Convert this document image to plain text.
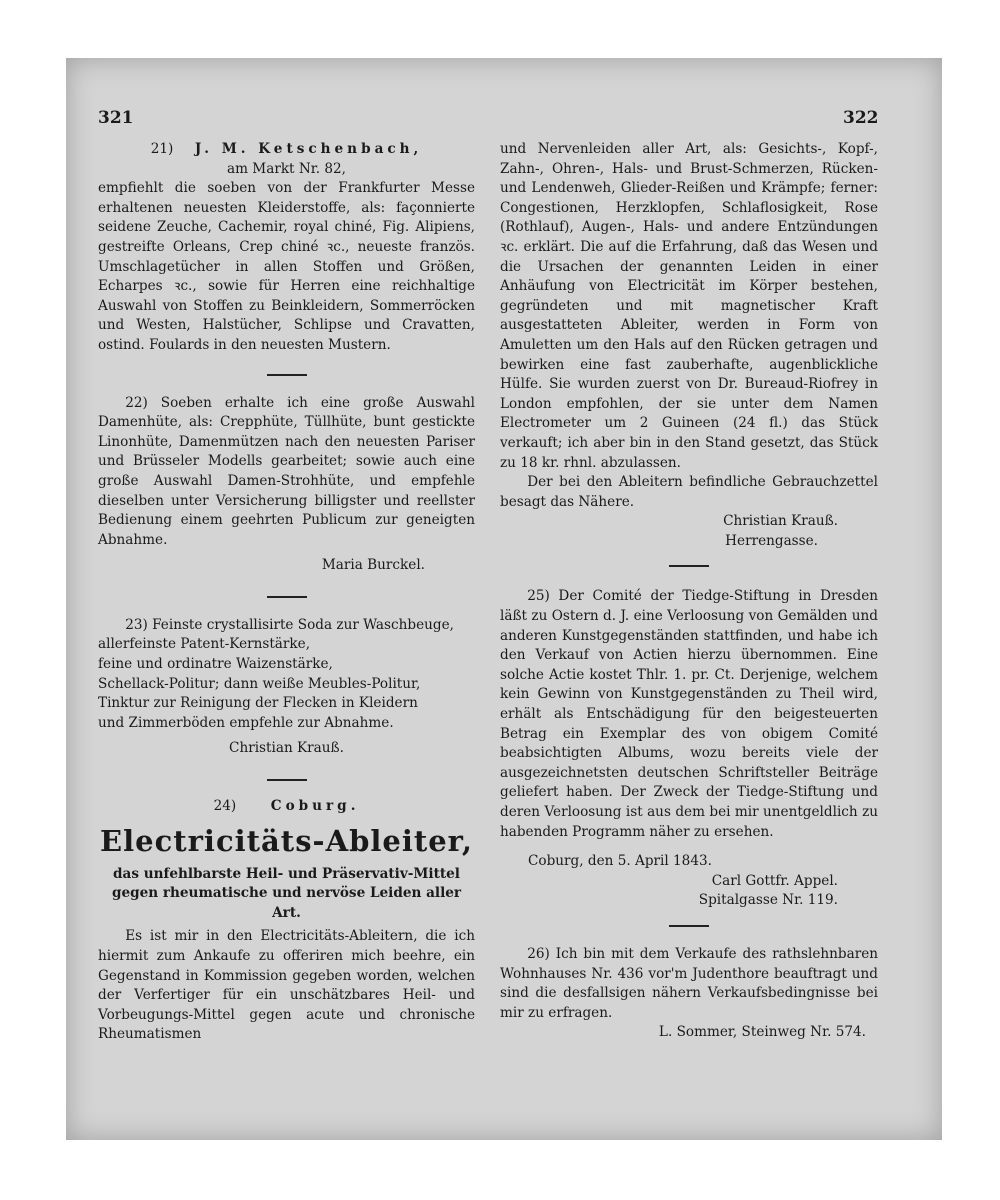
321	322
21) J. M. Ketschenbach,
am Markt Nr. 82,

empfiehlt die soeben von der Frankfurter Messe erhaltenen neuesten Kleiderstoffe, als: façonnierte seidene Zeuche, Cachemir, royal chiné, Fig. Alipiens, gestreifte Orleans, Crep chiné ꝛc., neueste französ. Umschlagetücher in allen Stoffen und Größen, Echarpes ꝛc., sowie für Herren eine reichhaltige Auswahl von Stoffen zu Beinkleidern, Sommerröcken und Westen, Halstücher, Schlipse und Cravatten, ostind. Foulards in den neuesten Mustern.

22) Soeben erhalte ich eine große Auswahl Damenhüte, als: Crepphüte, Tüllhüte, bunt gestickte Linonhüte, Damenmützen nach den neuesten Pariser und Brüsseler Modells gearbeitet; sowie auch eine große Auswahl Damen-Strohhüte, und empfehle dieselben unter Versicherung billigster und reellster Bedienung einem geehrten Publicum zur geneigten Abnahme.

Maria Burckel.
23) Feinste crystallisirte Soda zur Waschbeuge,
allerfeinste Patent-Kernstärke,
feine und ordinatre Waizenstärke,
Schellack-Politur; dann weiße Meubles-Politur,
Tinktur zur Reinigung der Flecken in Kleidern
und Zimmerböden empfehle zur Abnahme.
Christian Krauß.
24)	Coburg.
Electricitäts-Ableiter,
das unfehlbarste Heil- und Präservativ-Mittel gegen rheumatische und nervöse Leiden aller Art.

Es ist mir in den Electricitäts-Ableitern, die ich hiermit zum Ankaufe zu offeriren mich beehre, ein Gegenstand in Kommission gegeben worden, welchen der Verfertiger für ein unschätzbares Heil- und Vorbeugungs-Mittel gegen acute und chronische Rheumatismen

und Nervenleiden aller Art, als: Gesichts-, Kopf-, Zahn-, Ohren-, Hals- und Brust-Schmerzen, Rücken- und Lendenweh, Glieder-Reißen und Krämpfe; ferner: Congestionen, Herzklopfen, Schlaflosigkeit, Rose (Rothlauf), Augen-, Hals- und andere Entzündungen ꝛc. erklärt. Die auf die Erfahrung, daß das Wesen und die Ursachen der genannten Leiden in einer Anhäufung von Electricität im Körper bestehen, gegründeten und mit magnetischer Kraft ausgestatteten Ableiter, werden in Form von Amuletten um den Hals auf den Rücken getragen und bewirken eine fast zauberhafte, augenblickliche Hülfe. Sie wurden zuerst von Dr. Bureaud-Riofrey in London empfohlen, der sie unter dem Namen Electrometer um 2 Guineen (24 fl.) das Stück verkauft; ich aber bin in den Stand gesetzt, das Stück zu 18 kr. rhnl. abzulassen.

Der bei den Ableitern befindliche Gebrauchzettel besagt das Nähere.

Christian Krauß.
Herrengasse.

25) Der Comité der Tiedge-Stiftung in Dresden läßt zu Ostern d. J. eine Verloosung von Gemälden und anderen Kunstgegenständen stattfinden, und habe ich den Verkauf von Actien hierzu übernommen. Eine solche Actie kostet Thlr. 1. pr. Ct. Derjenige, welchem kein Gewinn von Kunstgegenständen zu Theil wird, erhält als Entschädigung für den beigesteuerten Betrag ein Exemplar des von obigem Comité beabsichtigten Albums, wozu bereits viele der ausgezeichnetsten deutschen Schriftsteller Beiträge geliefert haben. Der Zweck der Tiedge-Stiftung und deren Verloosung ist aus dem bei mir unentgeldlich zu habenden Programm näher zu ersehen.

Coburg, den 5. April 1843.
Carl Gottfr. Appel.
Spitalgasse Nr. 119.

26) Ich bin mit dem Verkaufe des rathslehnbaren Wohnhauses Nr. 436 vor'm Judenthore beauftragt und sind die desfallsigen nähern Verkaufsbedingnisse bei mir zu erfragen.

L. Sommer, Steinweg Nr. 574.
